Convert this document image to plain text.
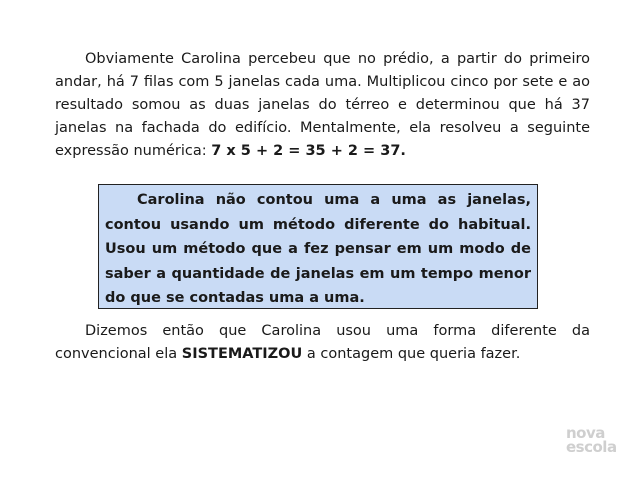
Obviamente Carolina percebeu que no prédio, a partir do primeiro andar, há 7 filas com 5 janelas cada uma. Multiplicou cinco por sete e ao resultado somou as duas janelas do térreo e determinou que há 37 janelas na fachada do edifício. Mentalmente, ela resolveu a seguinte expressão numérica: 7 x 5 + 2 = 35 + 2 = 37.

Carolina não contou uma a uma as janelas, contou usando um método diferente do habitual. Usou um método que a fez pensar em um modo de saber a quantidade de janelas em um tempo menor do que se contadas uma a uma.

Dizemos então que Carolina usou uma forma diferente da convencional ela SISTEMATIZOU a contagem que queria fazer.

nova
escola
